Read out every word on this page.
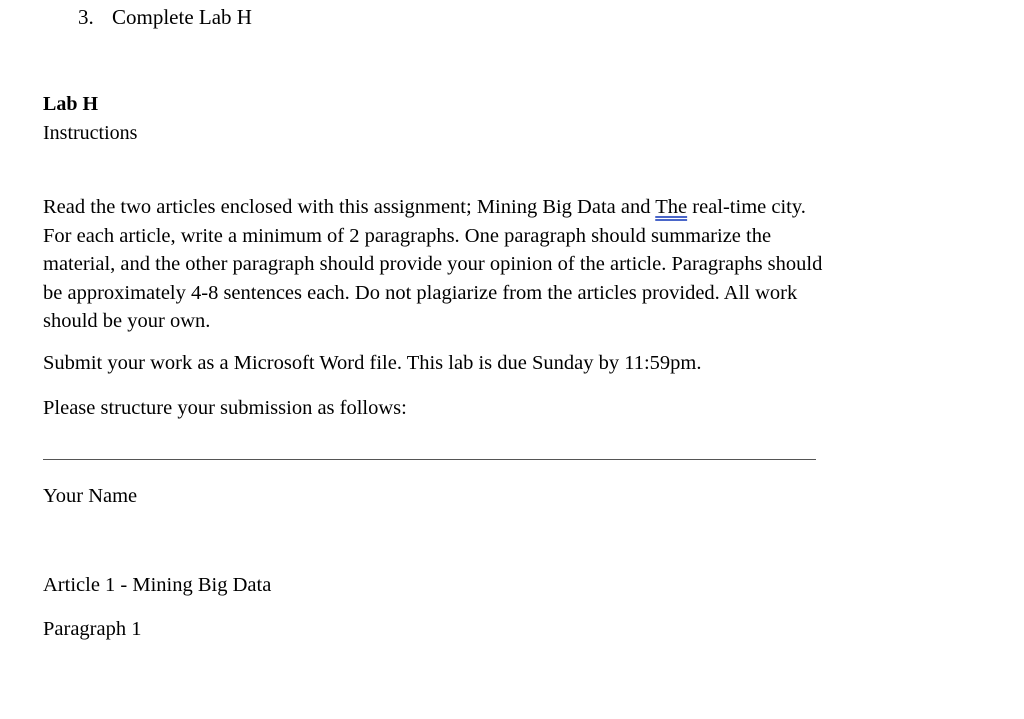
3. Complete Lab H
Lab H
Instructions
Read the two articles enclosed with this assignment; Mining Big Data and The real-time city.
For each article, write a minimum of 2 paragraphs. One paragraph should summarize the
material, and the other paragraph should provide your opinion of the article. Paragraphs should
be approximately 4-8 sentences each. Do not plagiarize from the articles provided. All work
should be your own.
Submit your work as a Microsoft Word file. This lab is due Sunday by 11:59pm.
Please structure your submission as follows:
Your Name
Article 1 - Mining Big Data
Paragraph 1
